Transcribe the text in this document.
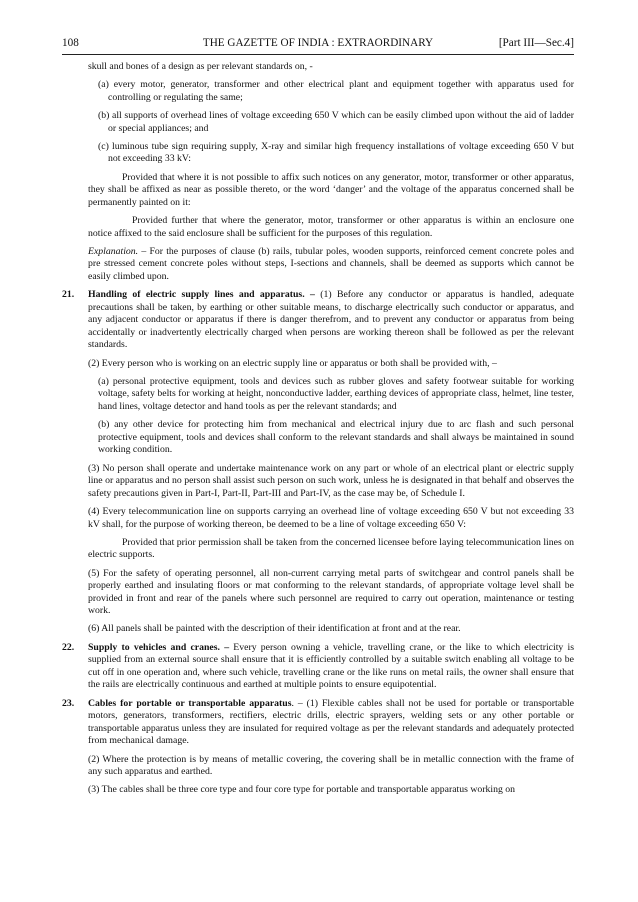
108	THE GAZETTE OF INDIA : EXTRAORDINARY	[Part III—Sec.4]

skull and bones of a design as per relevant standards on, -

(a) every motor, generator, transformer and other electrical plant and equipment together with apparatus used for controlling or regulating the same;

(b) all supports of overhead lines of voltage exceeding 650 V which can be easily climbed upon without the aid of ladder or special appliances; and

(c) luminous tube sign requiring supply, X-ray and similar high frequency installations of voltage exceeding 650 V but not exceeding 33 kV:

Provided that where it is not possible to affix such notices on any generator, motor, transformer or other apparatus, they shall be affixed as near as possible thereto, or the word ‘danger’ and the voltage of the apparatus concerned shall be permanently painted on it:

Provided further that where the generator, motor, transformer or other apparatus is within an enclosure one notice affixed to the said enclosure shall be sufficient for the purposes of this regulation.

Explanation. – For the purposes of clause (b) rails, tubular poles, wooden supports, reinforced cement concrete poles and pre stressed cement concrete poles without steps, I-sections and channels, shall be deemed as supports which cannot be easily climbed upon.

21.	Handling of electric supply lines and apparatus. – (1) Before any conductor or apparatus is handled, adequate precautions shall be taken, by earthing or other suitable means, to discharge electrically such conductor or apparatus, and any adjacent conductor or apparatus if there is danger therefrom, and to prevent any conductor or apparatus from being accidentally or inadvertently electrically charged when persons are working thereon shall be followed as per the relevant standards.

(2) Every person who is working on an electric supply line or apparatus or both shall be provided with, –

(a) personal protective equipment, tools and devices such as rubber gloves and safety footwear suitable for working voltage, safety belts for working at height, nonconductive ladder, earthing devices of appropriate class, helmet, line tester, hand lines, voltage detector and hand tools as per the relevant standards; and

(b) any other device for protecting him from mechanical and electrical injury due to arc flash and such personal protective equipment, tools and devices shall conform to the relevant standards and shall always be maintained in sound working condition.

(3) No person shall operate and undertake maintenance work on any part or whole of an electrical plant or electric supply line or apparatus and no person shall assist such person on such work, unless he is designated in that behalf and observes the safety precautions given in Part-I, Part-II, Part-III and Part-IV, as the case may be, of Schedule I.

(4) Every telecommunication line on supports carrying an overhead line of voltage exceeding 650 V but not exceeding 33 kV shall, for the purpose of working thereon, be deemed to be a line of voltage exceeding 650 V:

Provided that prior permission shall be taken from the concerned licensee before laying telecommunication lines on electric supports.

(5) For the safety of operating personnel, all non-current carrying metal parts of switchgear and control panels shall be properly earthed and insulating floors or mat conforming to the relevant standards, of appropriate voltage level shall be provided in front and rear of the panels where such personnel are required to carry out operation, maintenance or testing work.

(6) All panels shall be painted with the description of their identification at front and at the rear.

22.	Supply to vehicles and cranes. – Every person owning a vehicle, travelling crane, or the like to which electricity is supplied from an external source shall ensure that it is efficiently controlled by a suitable switch enabling all voltage to be cut off in one operation and, where such vehicle, travelling crane or the like runs on metal rails, the owner shall ensure that the rails are electrically continuous and earthed at multiple points to ensure equipotential.

23.	Cables for portable or transportable apparatus. – (1) Flexible cables shall not be used for portable or transportable motors, generators, transformers, rectifiers, electric drills, electric sprayers, welding sets or any other portable or transportable apparatus unless they are insulated for required voltage as per the relevant standards and adequately protected from mechanical damage.

(2) Where the protection is by means of metallic covering, the covering shall be in metallic connection with the frame of any such apparatus and earthed.

(3) The cables shall be three core type and four core type for portable and transportable apparatus working on
